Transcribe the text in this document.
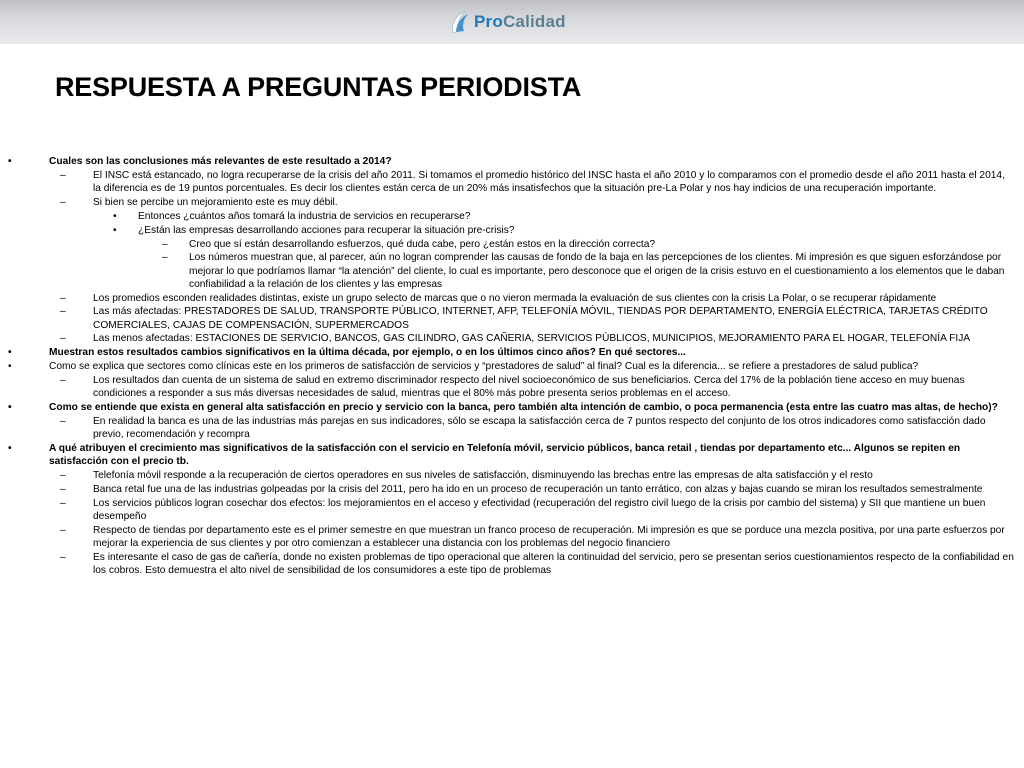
ProCalidad
RESPUESTA A PREGUNTAS PERIODISTA
•	Cuales son las conclusiones más relevantes de este resultado a 2014?
–	El INSC está estancado, no logra recuperarse de la crisis del año 2011. Si tomamos el promedio histórico del INSC hasta el año 2010 y lo comparamos con el promedio desde el año 2011 hasta el 2014, la diferencia es de 19 puntos porcentuales. Es decir los clientes están cerca de un 20% más insatisfechos que la situación pre-La Polar y nos hay indicios de una recuperación importante.
–	Si bien se percibe un mejoramiento este es muy débil.
• Entonces ¿cuántos años tomará la industria de servicios en recuperarse?
• ¿Están las empresas desarrollando acciones para recuperar la situación pre-crisis?
– Creo que sí están desarrollando esfuerzos, qué duda cabe, pero ¿están estos en la dirección correcta?
– Los números muestran que, al parecer, aún no logran comprender las causas de fondo de la baja en las percepciones de los clientes. Mi impresión es que siguen esforzándose por mejorar lo que podríamos llamar “la atención” del cliente, lo cual es importante, pero desconoce que el origen de la crisis estuvo en el cuestionamiento a los elementos que le daban confiabilidad a la relación de los clientes y las empresas
–	Los promedios esconden realidades distintas, existe un grupo selecto de marcas que o no vieron mermada la evaluación de sus clientes con la crisis La Polar, o se recuperar rápidamente
–	Las más afectadas: PRESTADORES DE SALUD, TRANSPORTE PÚBLICO, INTERNET, AFP, TELEFONÍA MÓVIL, TIENDAS POR DEPARTAMENTO, ENERGÍA ELÉCTRICA, TARJETAS CRÉDITO COMERCIALES, CAJAS DE COMPENSACIÓN, SUPERMERCADOS
–	Las menos afectadas: ESTACIONES DE SERVICIO, BANCOS, GAS CILINDRO, GAS CAÑERIA, SERVICIOS PÚBLICOS, MUNICIPIOS, MEJORAMIENTO PARA EL HOGAR, TELEFONÍA FIJA
•	Muestran estos resultados cambios significativos en la última década, por ejemplo, o en los últimos cinco años? En qué sectores...
•	Como se explica que sectores como clínicas este en los primeros de satisfacción de servicios y “prestadores de salud” al final? Cual es la diferencia... se refiere a prestadores de salud publica?
–	Los resultados dan cuenta de un sistema de salud en extremo discriminador respecto del nivel socioeconómico de sus beneficiarios. Cerca del 17% de la población tiene acceso en muy buenas condiciones a responder a sus más diversas necesidades de salud, mientras que el 80% más pobre presenta serios problemas en el acceso.
•	Como se entiende que exista en general alta satisfacción en precio y servicio con la banca, pero también alta intención de cambio, o poca permanencia (esta entre las cuatro mas altas, de hecho)?
–	En realidad la banca es una de las industrias más parejas en sus indicadores, sólo se escapa la satisfacción cerca de 7 puntos respecto del conjunto de los otros indicadores como satisfacción dado previo, recomendación y recompra
•	A qué atribuyen el crecimiento mas significativos de la satisfacción con el servicio en Telefonía móvil, servicio públicos, banca retail , tiendas por departamento etc... Algunos se repiten en satisfacción con el precio tb.
–	Telefonía móvil responde a la recuperación de ciertos operadores en sus niveles de satisfacción, disminuyendo las brechas entre las empresas de alta satisfacción y el resto
–	Banca retal fue una de las industrias golpeadas por la crisis del 2011, pero ha ido en un proceso de recuperación un tanto errático, con alzas y bajas cuando se miran los resultados semestralmente
–	Los servicios públicos logran cosechar dos efectos: los mejoramientos en el acceso y efectividad (recuperación del registro civil luego de la crisis por cambio del sistema) y SII que mantiene un buen desempeño
–	Respecto de tiendas por departamento este es el primer semestre en que muestran un franco proceso de recuperación. Mi impresión es que se porduce una mezcla positiva, por una parte esfuerzos por mejorar la experiencia de sus clientes y por otro comienzan a establecer una distancia con los problemas del negocio financiero
–	Es interesante el caso de gas de cañería, donde no existen problemas de tipo operacional que alteren la continuidad del servicio, pero se presentan serios cuestionamientos respecto de la confiabilidad en los cobros. Esto demuestra el alto nivel de sensibilidad de los consumidores a este tipo de problemas
